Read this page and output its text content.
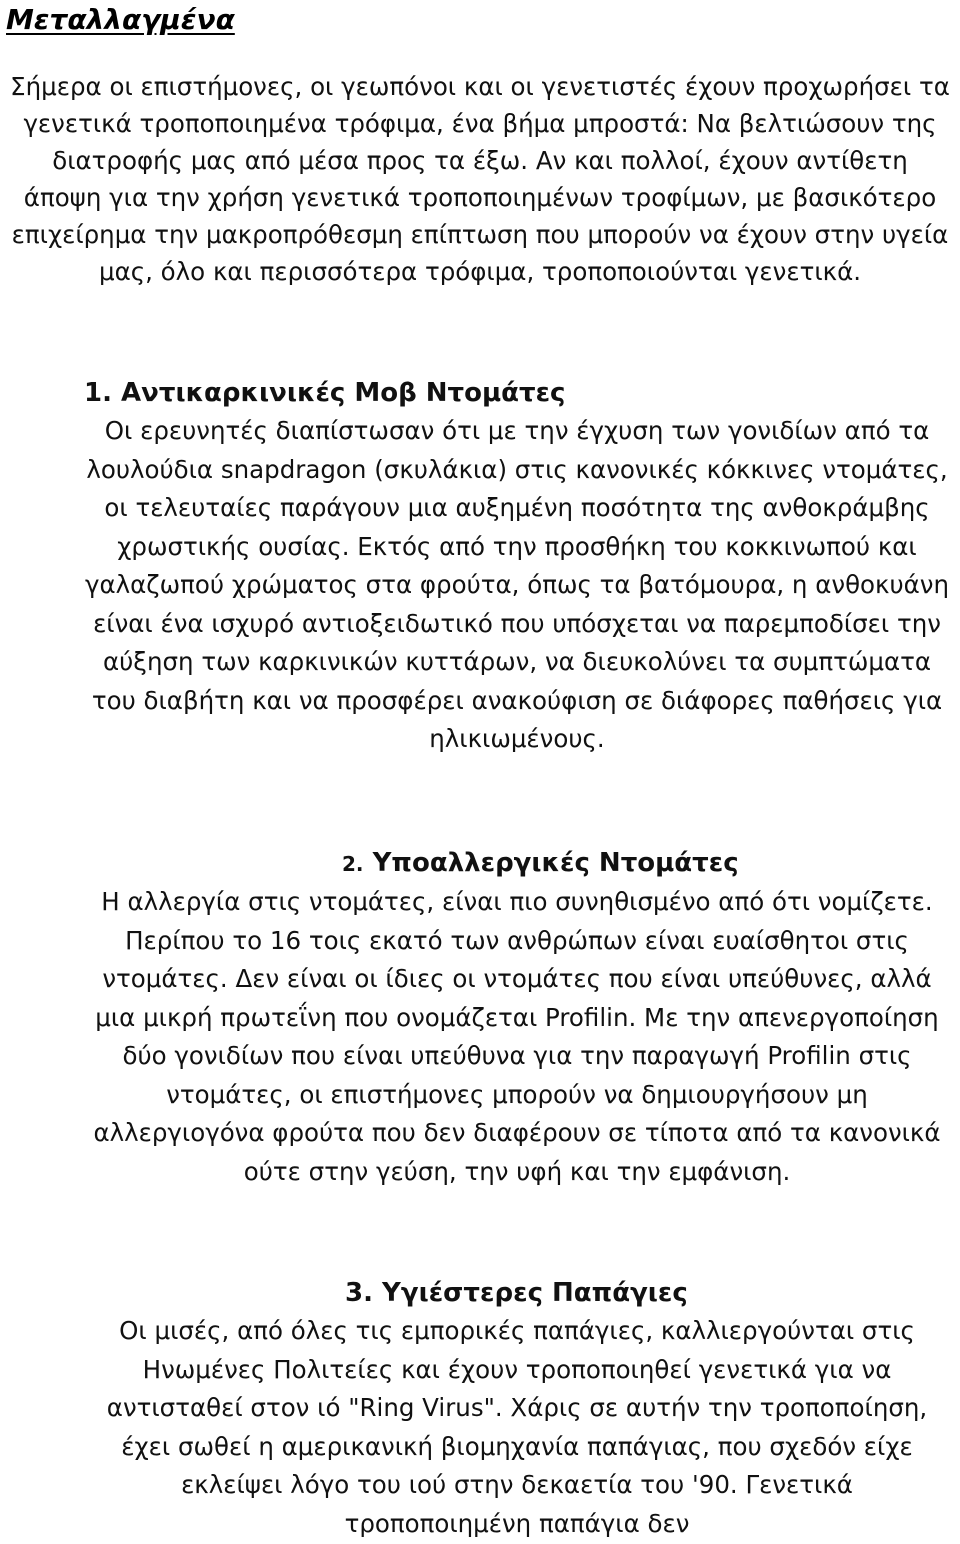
Μεταλλαγμένα

Σήμερα οι επιστήμονες, οι γεωπόνοι και οι γενετιστές έχουν προχωρήσει τα γενετικά τροποποιημένα τρόφιμα, ένα βήμα μπροστά: Να βελτιώσουν της διατροφής μας από μέσα προς τα έξω. Αν και πολλοί, έχουν αντίθετη άποψη για την χρήση γενετικά τροποποιημένων τροφίμων, με βασικότερο επιχείρημα την μακροπρόθεσμη επίπτωση που μπορούν να έχουν στην υγεία μας, όλο και περισσότερα τρόφιμα, τροποποιούνται γενετικά.

1. Αντικαρκινικές Μοβ Ντομάτες

Οι ερευνητές διαπίστωσαν ότι με την έγχυση των γονιδίων από τα λουλούδια snapdragon (σκυλάκια) στις κανονικές κόκκινες ντομάτες, οι τελευταίες παράγουν μια αυξημένη ποσότητα της ανθοκράμβης χρωστικής ουσίας. Εκτός από την προσθήκη του κοκκινωπού και γαλαζωπού χρώματος στα φρούτα, όπως τα βατόμουρα, η ανθοκυάνη είναι ένα ισχυρό αντιοξειδωτικό που υπόσχεται να παρεμποδίσει την αύξηση των καρκινικών κυττάρων, να διευκολύνει τα συμπτώματα του διαβήτη και να προσφέρει ανακούφιση σε διάφορες παθήσεις για ηλικιωμένους.

2. Υποαλλεργικές Ντομάτες

Η αλλεργία στις ντομάτες, είναι πιο συνηθισμένο από ότι νομίζετε. Περίπου το 16 τοις εκατό των ανθρώπων είναι ευαίσθητοι στις ντομάτες. Δεν είναι οι ίδιες οι ντομάτες που είναι υπεύθυνες, αλλά μια μικρή πρωτεΐνη που ονομάζεται Profilin. Με την απενεργοποίηση δύο γονιδίων που είναι υπεύθυνα για την παραγωγή Profilin στις ντομάτες, οι επιστήμονες μπορούν να δημιουργήσουν μη αλλεργιογόνα φρούτα που δεν διαφέρουν σε τίποτα από τα κανονικά ούτε στην γεύση, την υφή και την εμφάνιση.

3. Υγιέστερες Παπάγιες

Οι μισές, από όλες τις εμπορικές παπάγιες, καλλιεργούνται στις Ηνωμένες Πολιτείες και έχουν τροποποιηθεί γενετικά για να αντισταθεί στον ιό "Ring Virus". Χάρις σε αυτήν την τροποποίηση, έχει σωθεί η αμερικανική βιομηχανία παπάγιας, που σχεδόν είχε εκλείψει λόγο του ιού στην δεκαετία του '90. Γενετικά τροποποιημένη παπάγια δεν
